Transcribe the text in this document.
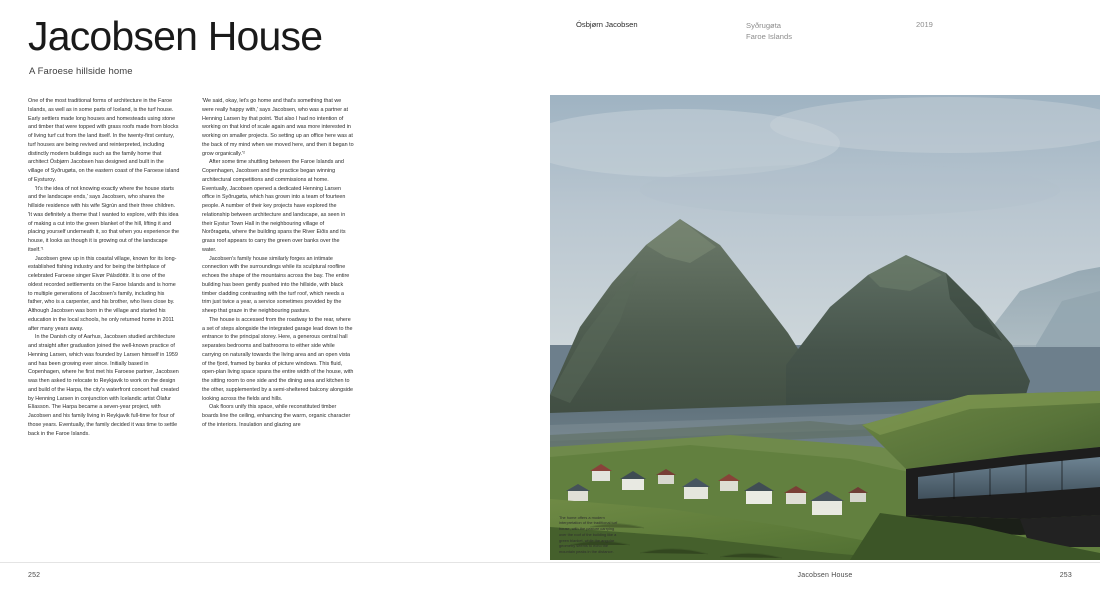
Jacobsen House
A Faroese hillside home

One of the most traditional forms of architecture in the Faroe Islands, as well as in some parts of Iceland, is the turf house. Early settlers made long houses and homesteads using stone and timber that were topped with grass roofs made from blocks of living turf cut from the land itself. In the twenty-first century, turf houses are being revived and reinterpreted, including distinctly modern buildings such as the family home that architect Ósbjørn Jacobsen has designed and built in the village of Syðrugøta, on the eastern coast of the Faroese island of Eysturoy.

'It's the idea of not knowing exactly where the house starts and the landscape ends,' says Jacobsen, who shares the hillside residence with his wife Sigrún and their three children. 'It was definitely a theme that I wanted to explore, with this idea of making a cut into the green blanket of the hill, lifting it and placing yourself underneath it, so that when you experience the house, it looks as though it is growing out of the landscape itself.'¹

Jacobsen grew up in this coastal village, known for its long-established fishing industry and for being the birthplace of celebrated Faroese singer Eivør Pálsdóttir. It is one of the oldest recorded settlements on the Faroe Islands and is home to multiple generations of Jacobsen's family, including his father, who is a carpenter, and his brother, who lives close by. Although Jacobsen was born in the village and started his education in the local schools, he only returned home in 2011 after many years away.

In the Danish city of Aarhus, Jacobsen studied architecture and straight after graduation joined the well-known practice of Henning Larsen, which was founded by Larsen himself in 1959 and has been growing ever since. Initially based in Copenhagen, where he first met his Faroese partner, Jacobsen was then asked to relocate to Reykjavik to work on the design and build of the Harpa, the city's waterfront concert hall created by Henning Larsen in conjunction with Icelandic artist Ólafur Elíasson. The Harpa became a seven-year project, with Jacobsen and his family living in Reykjavik full-time for four of those years. Eventually, the family decided it was time to settle back in the Faroe Islands.

'We said, okay, let's go home and that's something that we were really happy with,' says Jacobsen, who was a partner at Henning Larsen by that point. 'But also I had no intention of working on that kind of scale again and was more interested in working on smaller projects. So setting up an office here was at the back of my mind when we moved here, and then it began to grow organically.'²

After some time shuttling between the Faroe Islands and Copenhagen, Jacobsen and the practice began winning architectural competitions and commissions at home. Eventually, Jacobsen opened a dedicated Henning Larsen office in Syðrugøta, which has grown into a team of fourteen people. A number of their key projects have explored the relationship between architecture and landscape, as seen in their Eystur Town Hall in the neighbouring village of Norðragøta, where the building spans the River Eiðis and its grass roof appears to carry the green over banks over the water.

Jacobsen's family house similarly forges an intimate connection with the surroundings while its sculptural roofline echoes the shape of the mountains across the bay. The entire building has been gently pushed into the hillside, with black timber cladding contrasting with the turf roof, which needs a trim just twice a year, a service sometimes provided by the sheep that graze in the neighbouring pasture.

The house is accessed from the roadway to the rear, where a set of steps alongside the integrated garage lead down to the entrance to the principal storey. Here, a generous central hall separates bedrooms and bathrooms to either side while carrying on naturally towards the living area and an open vista of the fjord, framed by banks of picture windows. This fluid, open-plan living space spans the entire width of the house, with the sitting room to one side and the dining area and kitchen to the other, supplemented by a semi-sheltered balcony alongside looking across the fields and hills.

Oak floors unify this space, while reconstituted timber boards line the ceiling, enhancing the warm, organic character of the interiors. Insulation and glazing are

252
Ósbjørn Jacobsen	Syðrugøta
Faroe Islands
2019
The home offers a modern interpretation of the traditional turf house, with the pasture carrying over the roof of the building like a green blanket, while the angular geometry seems to echo the mountain peaks in the distance.
Jacobsen House	253
